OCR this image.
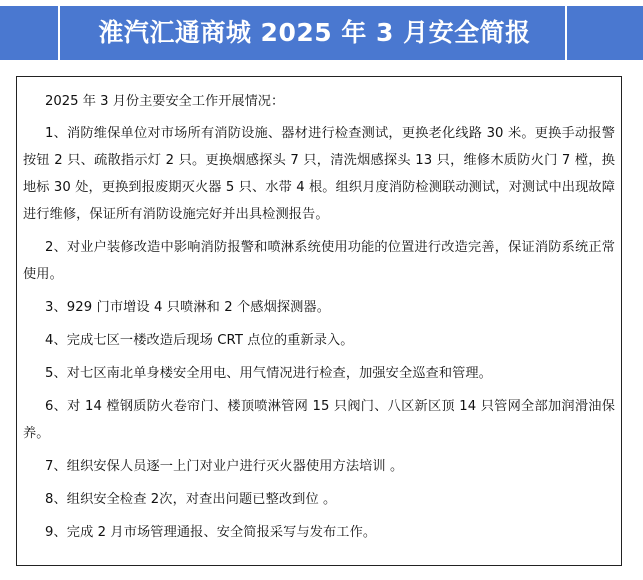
淮汽汇通商城 2025 年 3 月安全简报

2025 年 3 月份主要安全工作开展情况：

1、消防维保单位对市场所有消防设施、器材进行检查测试，更换老化线路 30 米。更换手动报警按钮 2 只、疏散指示灯 2 只。更换烟感探头 7 只，清洗烟感探头 13 只，维修木质防火门 7 樘，换地标 30 处，更换到报废期灭火器 5 只、水带 4 根。组织月度消防检测联动测试，对测试中出现故障进行维修，保证所有消防设施完好并出具检测报告。

2、对业户装修改造中影响消防报警和喷淋系统使用功能的位置进行改造完善，保证消防系统正常使用。

3、929 门市增设 4 只喷淋和 2 个感烟探测器。

4、完成七区一楼改造后现场 CRT 点位的重新录入。

5、对七区南北单身楼安全用电、用气情况进行检查，加强安全巡查和管理。

6、对 14 樘钢质防火卷帘门、楼顶喷淋管网 15 只阀门、八区新区顶 14 只管网全部加润滑油保养。

7、组织安保人员逐一上门对业户进行灭火器使用方法培训 。

8、组织安全检查 2次，对查出问题已整改到位 。

9、完成 2 月市场管理通报、安全简报采写与发布工作。
